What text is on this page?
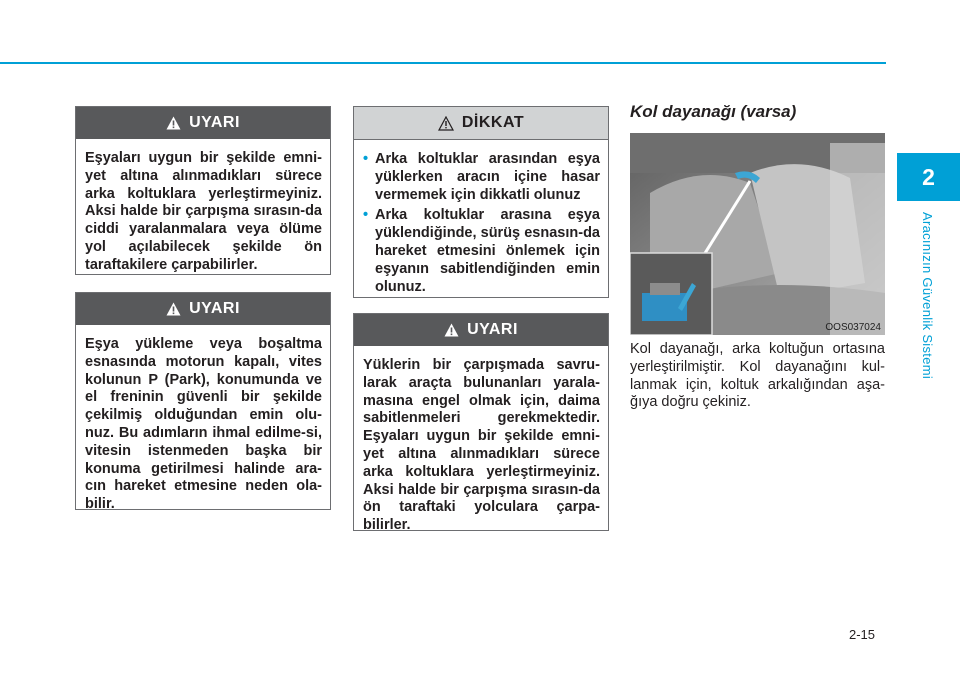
2
Aracınızın Güvenlik Sistemi
UYARI
Eşyaları uygun bir şekilde emni-yet altına alınmadıkları sürece arka koltuklara yerleştirmeyiniz. Aksi halde bir çarpışma sırasın-da ciddi yaralanmalara veya ölüme yol açılabilecek şekilde ön taraftakilere çarpabilirler.
UYARI
Eşya yükleme veya boşaltma esnasında motorun kapalı, vites kolunun P (Park), konumunda ve el freninin güvenli bir şekilde çekilmiş olduğundan emin olu-nuz. Bu adımların ihmal edilme-si, vitesin istenmeden başka bir konuma getirilmesi halinde ara-cın hareket etmesine neden ola-bilir.
DİKKAT
• Arka koltuklar arasından eşya yüklerken aracın içine hasar vermemek için dikkatli olunuz
• Arka koltuklar arasına eşya yüklendiğinde, sürüş esnasın-da hareket etmesini önlemek için eşyanın sabitlendiğinden emin olunuz.
UYARI
Yüklerin bir çarpışmada savru-larak araçta bulunanları yarala-masına engel olmak için, daima sabitlenmeleri gerekmektedir. Eşyaları uygun bir şekilde emni-yet altına alınmadıkları sürece arka koltuklara yerleştirmeyiniz. Aksi halde bir çarpışma sırasın-da ön taraftaki yolculara çarpa-bilirler.
Kol dayanağı (varsa)
OOS037024
Kol dayanağı, arka koltuğun ortasına yerleştirilmiştir. Kol dayanağını kul-lanmak için, koltuk arkalığından aşa-ğıya doğru çekiniz.
2-15
